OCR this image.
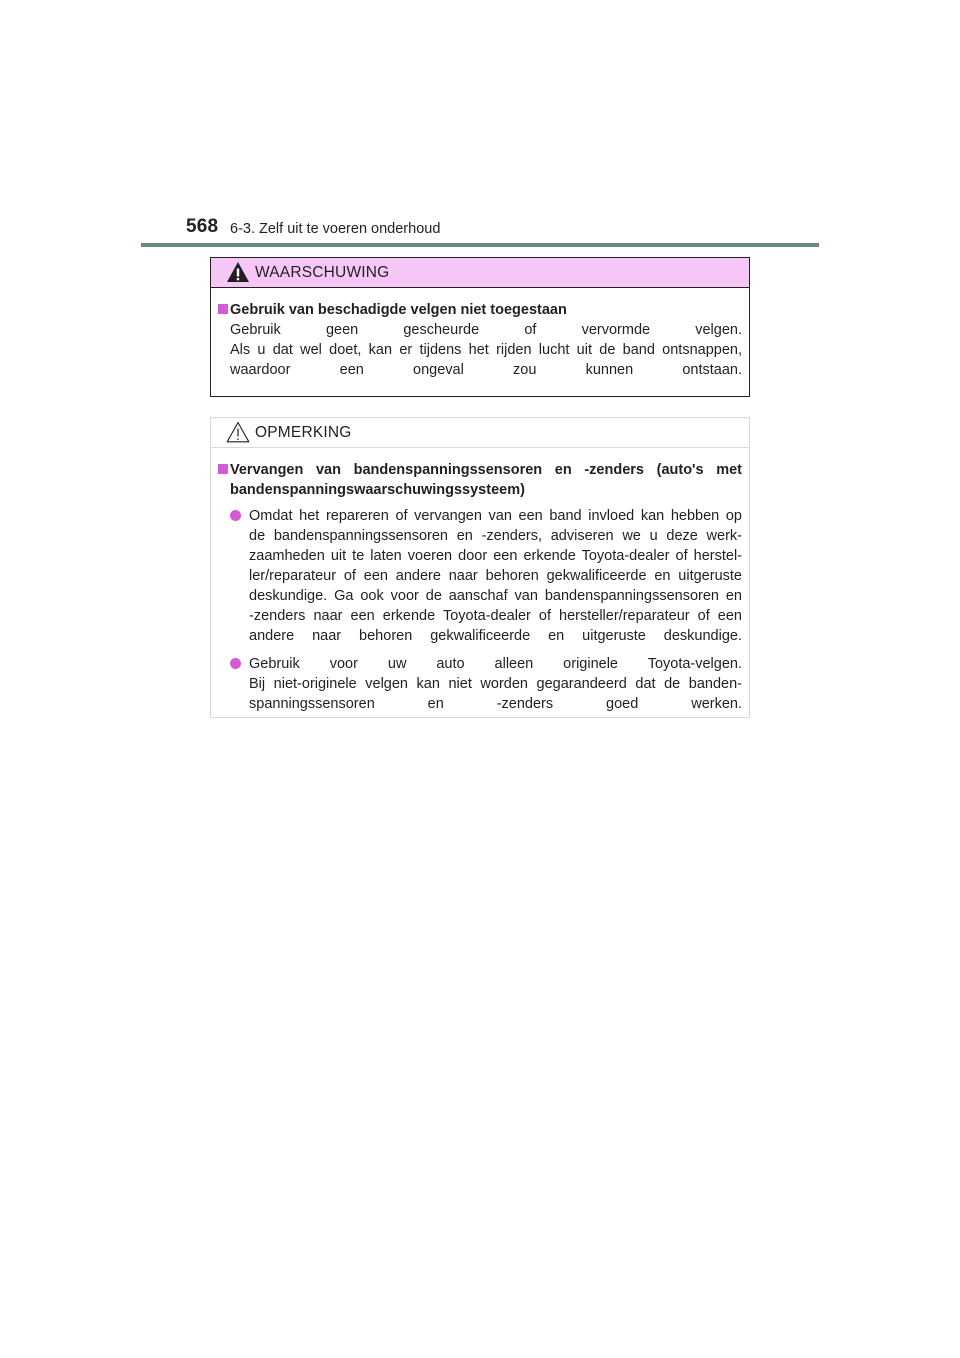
568 6-3. Zelf uit te voeren onderhoud
WAARSCHUWING
Gebruik van beschadigde velgen niet toegestaan
Gebruik geen gescheurde of vervormde velgen.
Als u dat wel doet, kan er tijdens het rijden lucht uit de band ontsnappen,
waardoor een ongeval zou kunnen ontstaan.
OPMERKING
Vervangen van bandenspanningssensoren en -zenders (auto's met
bandenspanningswaarschuwingssysteem)
Omdat het repareren of vervangen van een band invloed kan hebben op
de bandenspanningssensoren en -zenders, adviseren we u deze werk-
zaamheden uit te laten voeren door een erkende Toyota-dealer of herstel-
ler/reparateur of een andere naar behoren gekwalificeerde en uitgeruste
deskundige. Ga ook voor de aanschaf van bandenspanningssensoren en
-zenders naar een erkende Toyota-dealer of hersteller/reparateur of een
andere naar behoren gekwalificeerde en uitgeruste deskundige.
Gebruik voor uw auto alleen originele Toyota-velgen.
Bij niet-originele velgen kan niet worden gegarandeerd dat de banden-
spanningssensoren en -zenders goed werken.
